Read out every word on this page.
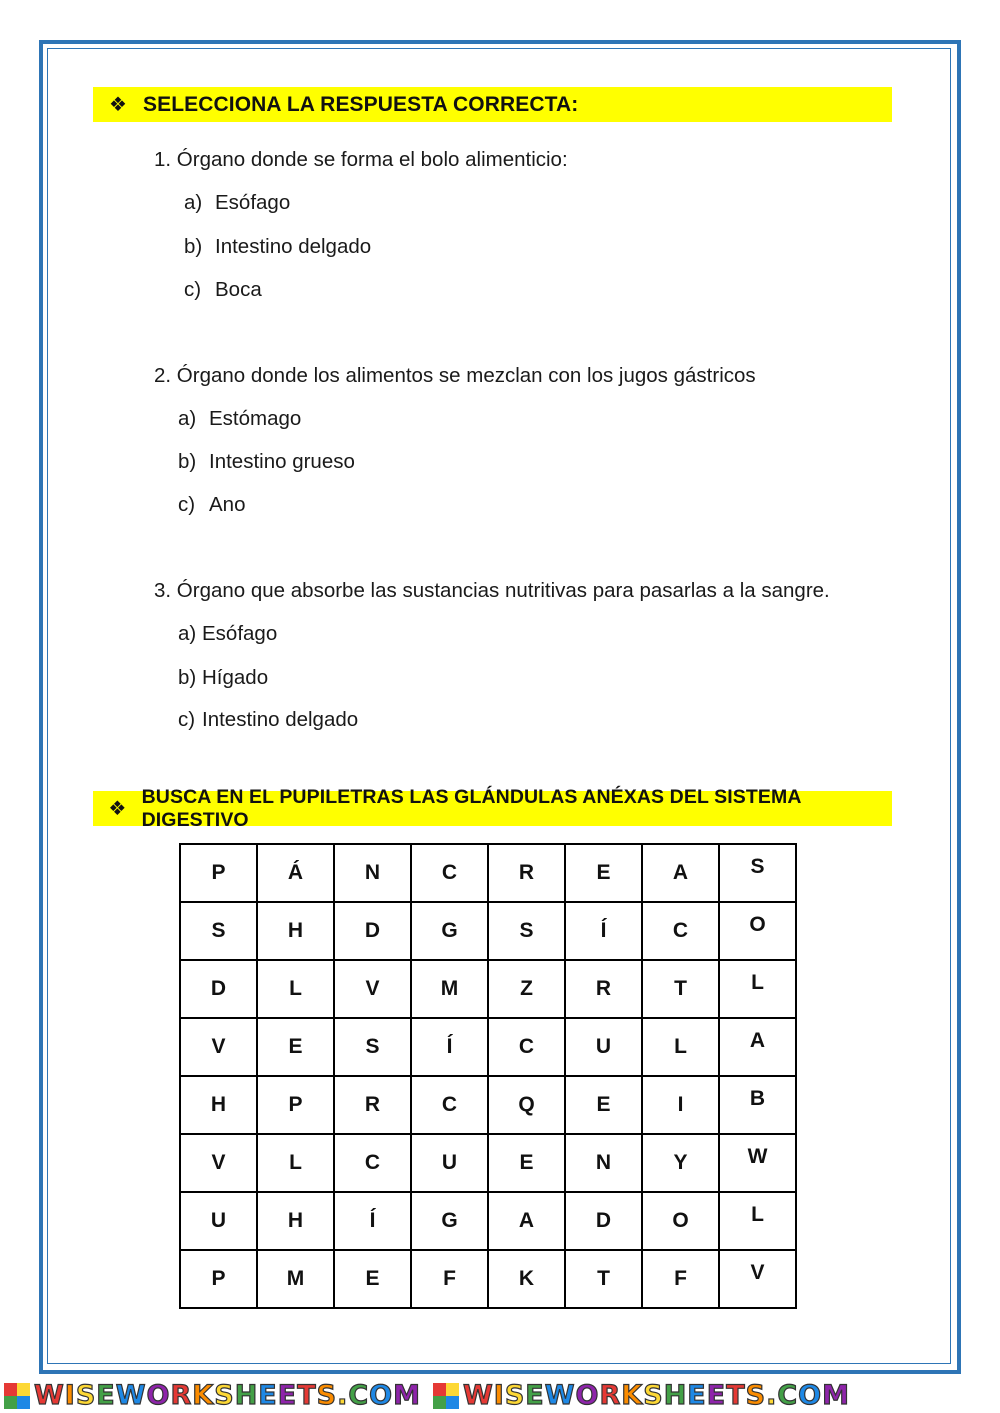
❖ SELECCIONA LA RESPUESTA CORRECTA:
1. Órgano donde se forma el bolo alimenticio:
a) Esófago
b) Intestino delgado
c) Boca
2. Órgano donde los alimentos se mezclan con los jugos gástricos
a) Estómago
b) Intestino grueso
c) Ano
3. Órgano que absorbe las sustancias nutritivas para pasarlas a la sangre.
a) Esófago
b) Hígado
c) Intestino delgado
❖
BUSCA EN EL PUPILETRAS LAS GLÁNDULAS ANÉXAS DEL SISTEMA DIGESTIVO
P	Á	N	C	R	E	A	S
S	H	D	G	S	Í	C	O
D	L	V	M	Z	R	T	L
V	E	S	Í	C	U	L	A
H	P	R	C	Q	E	I	B
V	L	C	U	E	N	Y	W
U	H	Í	G	A	D	O	L
P	M	E	F	K	T	F	V
WISEWORKSHEETS.COM WISEWORKSHEETS.COM
